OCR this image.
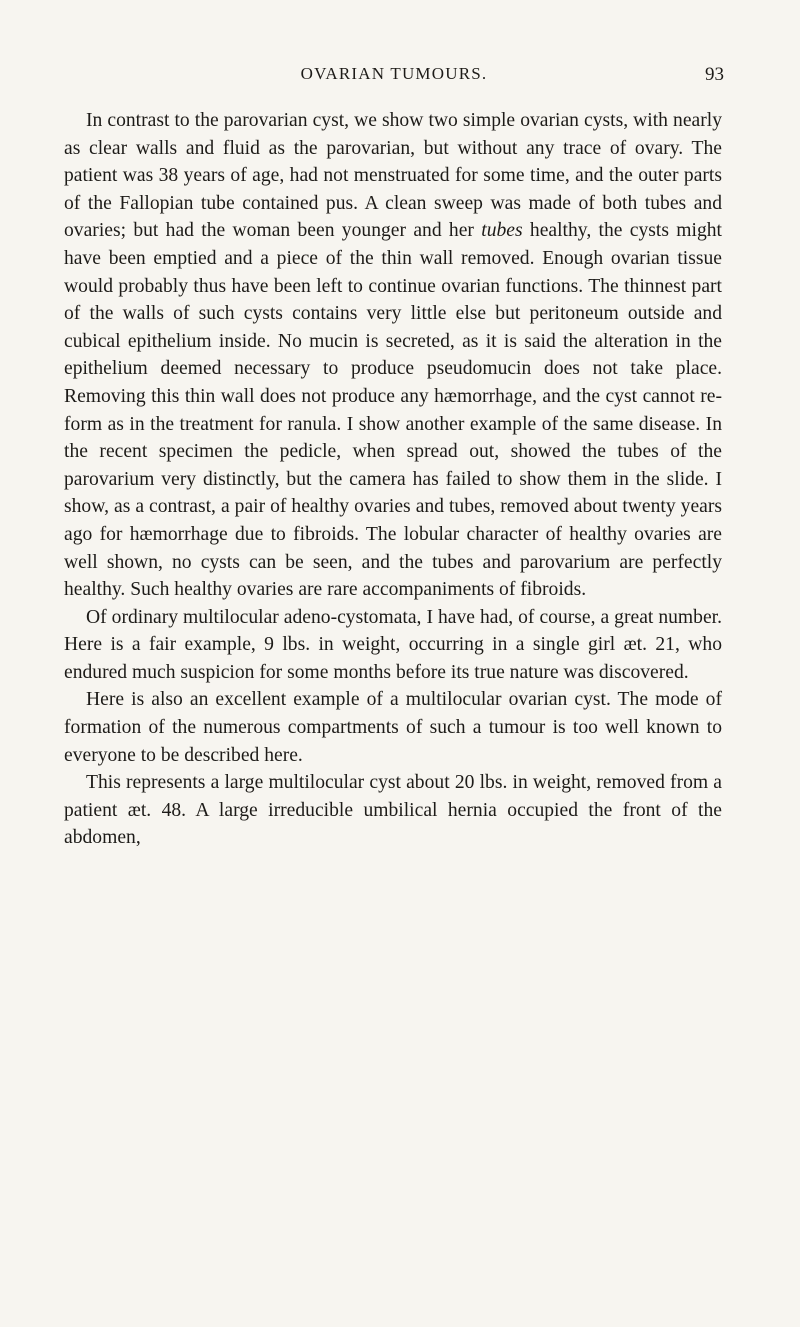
OVARIAN TUMOURS.	93

In contrast to the parovarian cyst, we show two simple ovarian cysts, with nearly as clear walls and fluid as the parovarian, but without any trace of ovary. The patient was 38 years of age, had not menstruated for some time, and the outer parts of the Fallopian tube contained pus. A clean sweep was made of both tubes and ovaries; but had the woman been younger and her tubes healthy, the cysts might have been emptied and a piece of the thin wall removed. Enough ovarian tissue would probably thus have been left to continue ovarian functions. The thinnest part of the walls of such cysts contains very little else but peritoneum outside and cubical epithelium inside. No mucin is secreted, as it is said the alteration in the epithelium deemed necessary to produce pseudomucin does not take place. Removing this thin wall does not produce any hæmorrhage, and the cyst cannot re-form as in the treatment for ranula. I show another example of the same disease. In the recent specimen the pedicle, when spread out, showed the tubes of the parovarium very distinctly, but the camera has failed to show them in the slide. I show, as a contrast, a pair of healthy ovaries and tubes, removed about twenty years ago for hæmorrhage due to fibroids. The lobular character of healthy ovaries are well shown, no cysts can be seen, and the tubes and parovarium are perfectly healthy. Such healthy ovaries are rare accompaniments of fibroids.

Of ordinary multilocular adeno-cystomata, I have had, of course, a great number. Here is a fair example, 9 lbs. in weight, occurring in a single girl æt. 21, who endured much suspicion for some months before its true nature was discovered.

Here is also an excellent example of a multilocular ovarian cyst. The mode of formation of the numerous compartments of such a tumour is too well known to everyone to be described here.

This represents a large multilocular cyst about 20 lbs. in weight, removed from a patient æt. 48. A large irreducible umbilical hernia occupied the front of the abdomen,
